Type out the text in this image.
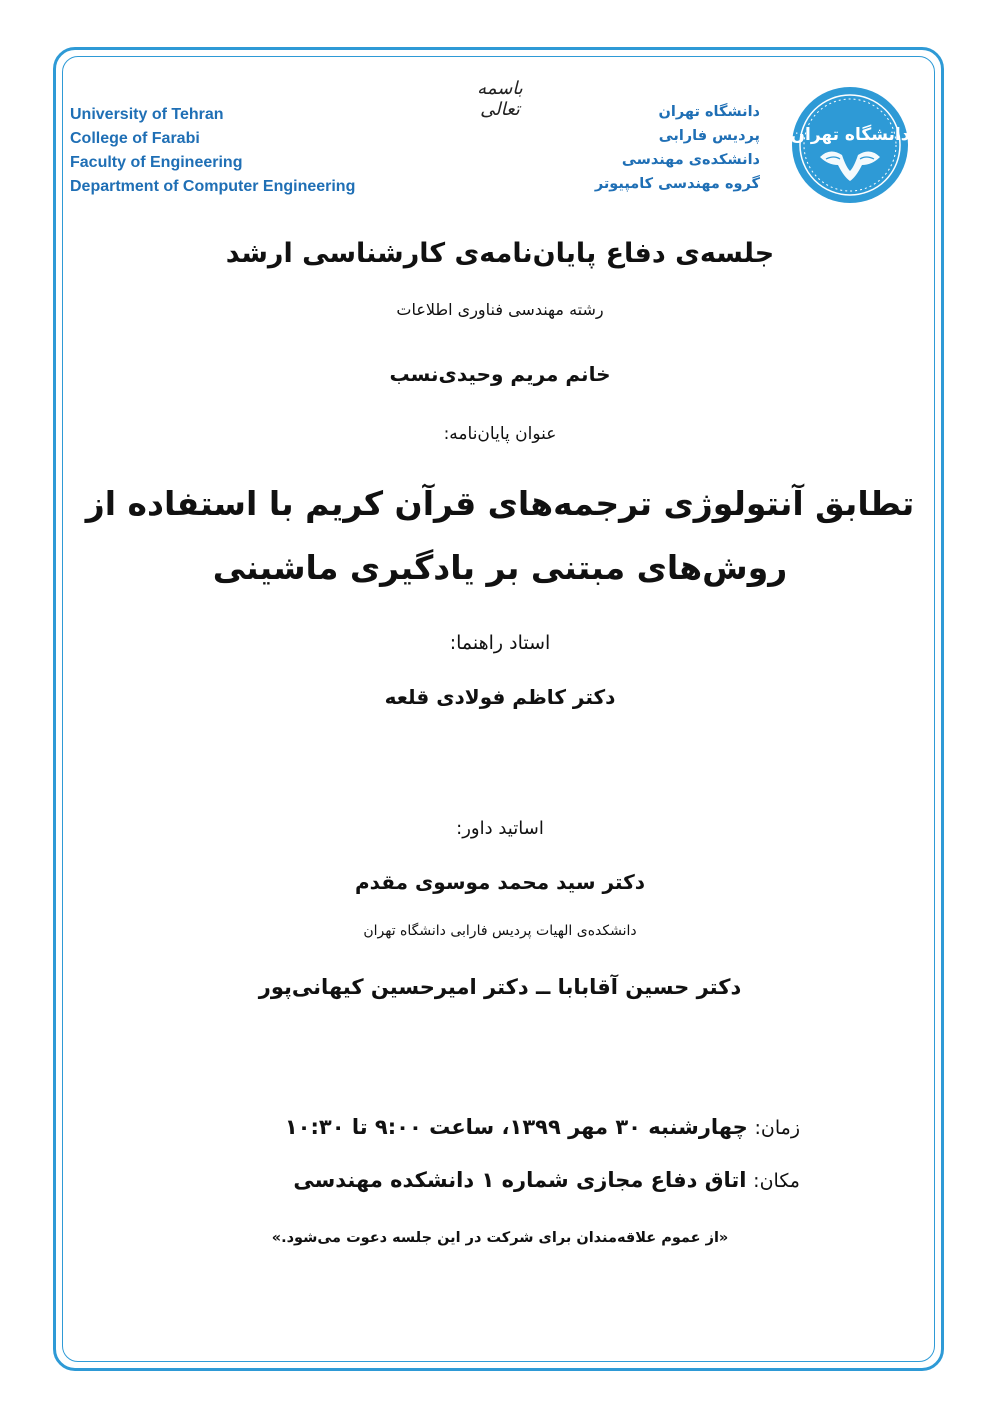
University of Tehran
College of Farabi
Faculty of Engineering
Department of Computer Engineering
باسمه تعالی	دانشگاه تهران
پردیس فارابی
دانشکده‌ی مهندسی
گروه مهندسی کامپیوتر
دانشگاه تهران
جلسه‌ی دفاع پایان‌نامه‌ی کارشناسی ارشد
رشته مهندسی فناوری اطلاعات
خانم مریم وحیدی‌نسب
عنوان پایان‌نامه:
تطابق آنتولوژی ترجمه‌های قرآن کریم با استفاده از
روش‌های مبتنی بر یادگیری ماشینی
استاد راهنما:
دکتر کاظم فولادی قلعه
اساتید داور:
دکتر سید محمد موسوی مقدم
دانشکده‌ی الهیات پردیس فارابی دانشگاه تهران
دکتر حسین آقابابا ــ دکتر امیرحسین کیهانی‌پور
زمان: چهارشنبه ۳۰ مهر ۱۳۹۹، ساعت ۹:۰۰ تا ۱۰:۳۰
مکان: اتاق دفاع مجازی شماره ۱ دانشکده مهندسی
«از عموم علاقه‌مندان برای شرکت در این جلسه دعوت می‌شود.»
